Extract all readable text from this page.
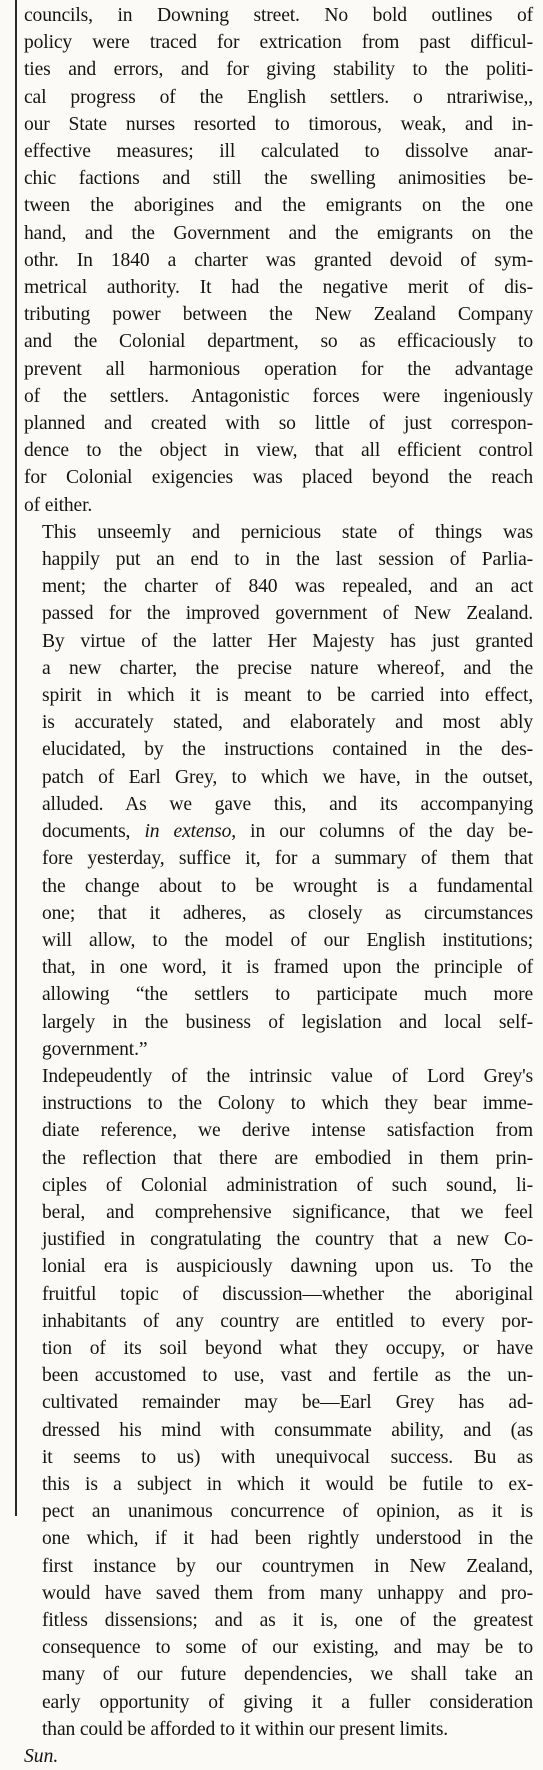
councils, in Downing street. No bold outlines of
policy were traced for extrication from past difficul-
ties and errors, and for giving stability to the politi-
cal progress of the English settlers. o ntrariwise,,
our State nurses resorted to timorous, weak, and in-
effective measures; ill calculated to dissolve anar-
chic factions and still the swelling animosities be-
tween the aborigines and the emigrants on the one
hand, and the Government and the emigrants on the
othr. In 1840 a charter was granted devoid of sym-
metrical authority. It had the negative merit of dis-
tributing power between the New Zealand Company
and the Colonial department, so as efficaciously to
prevent all harmonious operation for the advantage
of the settlers. Antagonistic forces were ingeniously
planned and created with so little of just correspon-
dence to the object in view, that all efficient control
for Colonial exigencies was placed beyond the reach
of either.
This unseemly and pernicious state of things was
happily put an end to in the last session of Parlia-
ment; the charter of 840 was repealed, and an act
passed for the improved government of New Zealand.
By virtue of the latter Her Majesty has just granted
a new charter, the precise nature whereof, and the
spirit in which it is meant to be carried into effect,
is accurately stated, and elaborately and most ably
elucidated, by the instructions contained in the des-
patch of Earl Grey, to which we have, in the outset,
alluded. As we gave this, and its accompanying
documents, in extenso, in our columns of the day be-
fore yesterday, suffice it, for a summary of them that
the change about to be wrought is a fundamental
one; that it adheres, as closely as circumstances
will allow, to the model of our English institutions;
that, in one word, it is framed upon the principle of
allowing “the settlers to participate much more
largely in the business of legislation and local self-
government.”
Indepeudently of the intrinsic value of Lord Grey's
instructions to the Colony to which they bear imme-
diate reference, we derive intense satisfaction from
the reflection that there are embodied in them prin-
ciples of Colonial administration of such sound, li-
beral, and comprehensive significance, that we feel
justified in congratulating the country that a new Co-
lonial era is auspiciously dawning upon us. To the
fruitful topic of discussion—whether the aboriginal
inhabitants of any country are entitled to every por-
tion of its soil beyond what they occupy, or have
been accustomed to use, vast and fertile as the un-
cultivated remainder may be—Earl Grey has ad-
dressed his mind with consummate ability, and (as
it seems to us) with unequivocal success. Bu as
this is a subject in which it would be futile to ex-
pect an unanimous concurrence of opinion, as it is
one which, if it had been rightly understood in the
first instance by our countrymen in New Zealand,
would have saved them from many unhappy and pro-
fitless dissensions; and as it is, one of the greatest
consequence to some of our existing, and may be to
many of our future dependencies, we shall take an
early opportunity of giving it a fuller consideration
than could be afforded to it within our present limits.

Sun.
